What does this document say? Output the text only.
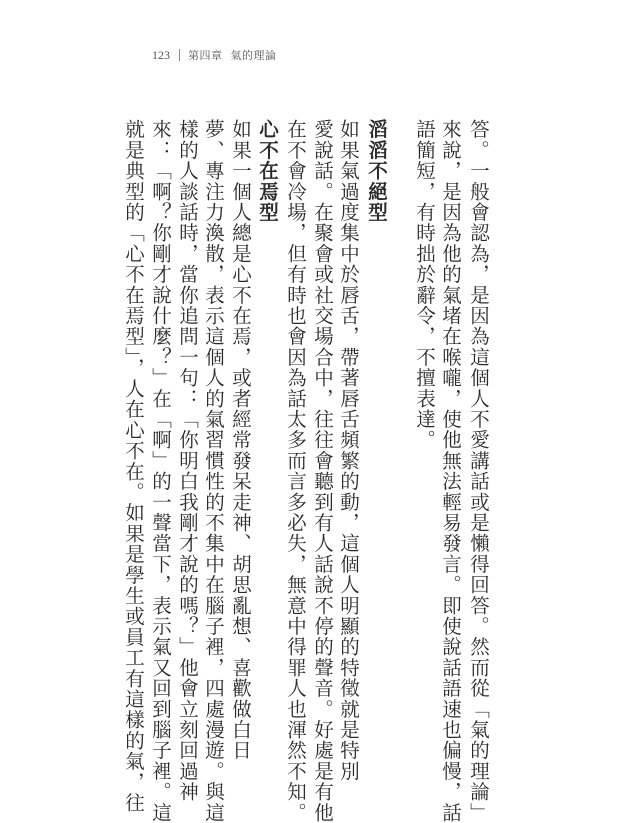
123 第四章 氣的理論
答。一般會認為，是因為這個人不愛講話或是懶得回答。然而從「氣的理論」
來說，是因為他的氣堵在喉嚨，使他無法輕易發言。即使說話語速也偏慢，話
語簡短，有時拙於辭令，不擅表達。
滔滔不絕型
如果氣過度集中於唇舌，帶著唇舌頻繁的動，這個人明顯的特徵就是特別
愛說話。在聚會或社交場合中，往往會聽到有人話說不停的聲音。好處是有他
在不會冷場，但有時也會因為話太多而言多必失，無意中得罪人也渾然不知。
心不在焉型
如果一個人總是心不在焉，或者經常發呆走神、胡思亂想、喜歡做白日
夢、專注力渙散，表示這個人的氣習慣性的不集中在腦子裡，四處漫遊。與這
樣的人談話時，當你追問一句：「你明白我剛才說的嗎？」他會立刻回過神
來：「啊？你剛才說什麼？」在「啊」的一聲當下，表示氣又回到腦子裡。這
就是典型的「心不在焉型」，人在心不在。如果是學生或員工有這樣的氣，往
